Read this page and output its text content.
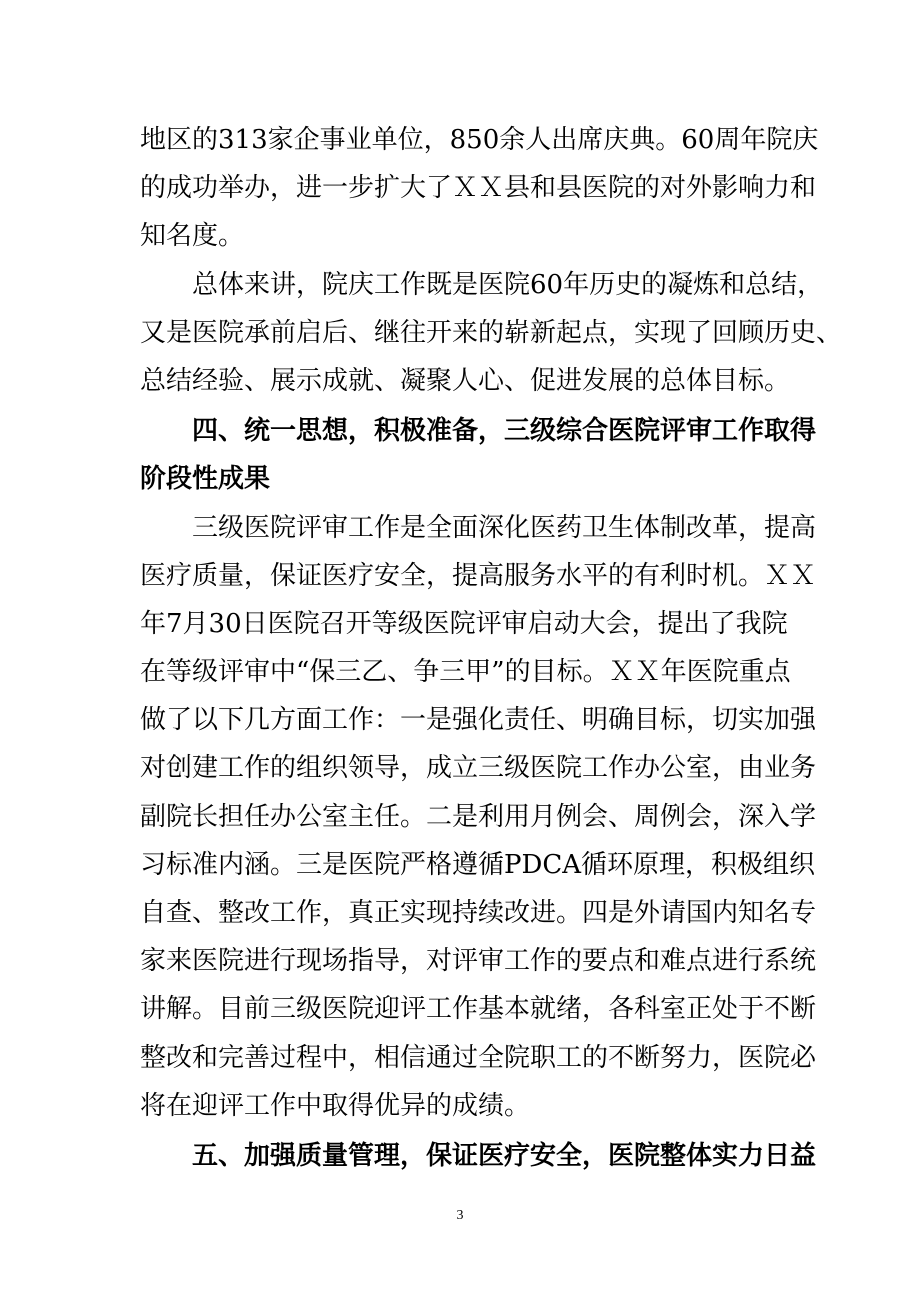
地区的313家企事业单位，850余人出席庆典。60周年院庆
的成功举办，进一步扩大了ＸＸ县和县医院的对外影响力和
知名度。
总体来讲，院庆工作既是医院60年历史的凝炼和总结，
又是医院承前启后、继往开来的崭新起点，实现了回顾历史、
总结经验、展示成就、凝聚人心、促进发展的总体目标。
四、统一思想，积极准备，三级综合医院评审工作取得
阶段性成果
三级医院评审工作是全面深化医药卫生体制改革，提高
医疗质量，保证医疗安全，提高服务水平的有利时机。ＸＸ
年7月30日医院召开等级医院评审启动大会，提出了我院
在等级评审中“保三乙、争三甲”的目标。ＸＸ年医院重点
做了以下几方面工作：一是强化责任、明确目标，切实加强
对创建工作的组织领导，成立三级医院工作办公室，由业务
副院长担任办公室主任。二是利用月例会、周例会，深入学
习标准内涵。三是医院严格遵循PDCA循环原理，积极组织
自查、整改工作，真正实现持续改进。四是外请国内知名专
家来医院进行现场指导，对评审工作的要点和难点进行系统
讲解。目前三级医院迎评工作基本就绪，各科室正处于不断
整改和完善过程中，相信通过全院职工的不断努力，医院必
将在迎评工作中取得优异的成绩。
五、加强质量管理，保证医疗安全，医院整体实力日益
3
